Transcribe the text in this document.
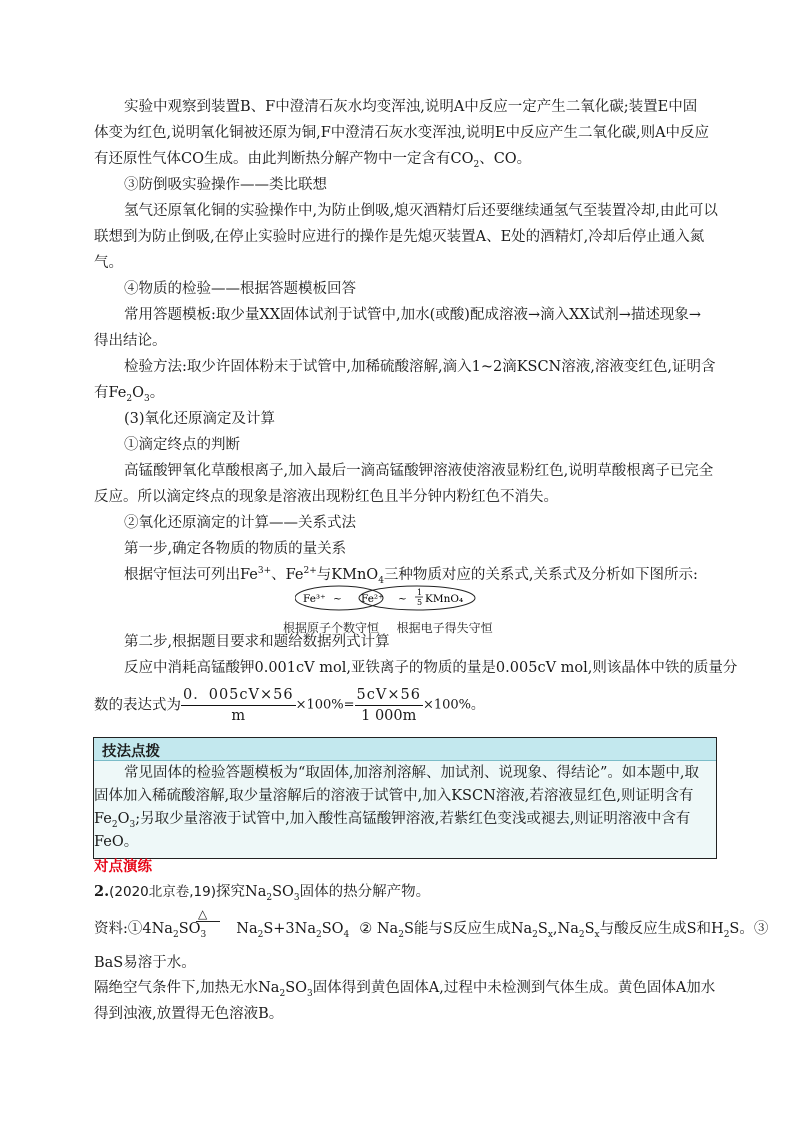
实验中观察到装置B、F中澄清石灰水均变浑浊,说明A中反应一定产生二氧化碳;装置E中固
体变为红色,说明氧化铜被还原为铜,F中澄清石灰水变浑浊,说明E中反应产生二氧化碳,则A中反应
有还原性气体CO生成。由此判断热分解产物中一定含有$CO_2$、CO。
③防倒吸实验操作——类比联想
氢气还原氧化铜的实验操作中,为防止倒吸,熄灭酒精灯后还要继续通氢气至装置冷却,由此可以
联想到为防止倒吸,在停止实验时应进行的操作是先熄灭装置A、E处的酒精灯,冷却后停止通入氮
气。
④物质的检验——根据答题模板回答
常用答题模板:取少量XX固体试剂于试管中,加水(或酸)配成溶液→滴入XX试剂→描述现象→
得出结论。
检验方法:取少许固体粉末于试管中,加稀硫酸溶解,滴入1~2滴KSCN溶液,溶液变红色,证明含
有$Fe_2O_3$。
(3)氧化还原滴定及计算
①滴定终点的判断
高锰酸钾氧化草酸根离子,加入最后一滴高锰酸钾溶液使溶液显粉红色,说明草酸根离子已完全
反应。所以滴定终点的现象是溶液出现粉红色且半分钟内粉红色不消失。
②氧化还原滴定的计算——关系式法
第一步,确定各物质的物质的量关系
根据守恒法可列出$Fe^{3+}$、$Fe^{2+}$与KMnO$_4$三种物质对应的关系式,关系式及分析如下图所示:
Fe³⁺ ~ Fe²⁺ ~
1
5 KMnO₄
根据原子个数守恒 根据电子得失守恒
第二步,根据题目要求和题给数据列式计算
反应中消耗高锰酸钾0.001cV mol,亚铁离子的物质的量是0.005cV mol,则该晶体中铁的质量分
数的表达式为 $\frac{0.005cV\times 56}{m} \times 100\%= \frac{5cV\times 56}{1 000m} \times 100\%$。
技法点拨
常见固体的检验答题模板为“取固体,加溶剂溶解、加试剂、说现象、得结论”。如本题中,取
固体加入稀硫酸溶解,取少量溶解后的溶液于试管中,加入KSCN溶液,若溶液显红色,则证明含有
$Fe_2O_3$;另取少量溶液于试管中,加入酸性高锰酸钾溶液,若紫红色变浅或褪去,则证明溶液中含有
FeO。
对点演练
2.(2020北京卷,19)探究$Na_2SO_3$固体的热分解产物。
△
资料$:①4Na_2SO_3$ $Na_2S+3Na_2SO_4$ ② $Na_2S$能与S反应生成$Na_2S_x,Na_2S_x$与酸反应生成S和$H_2S$。③
BaS易溶于水。
隔绝空气条件下,加热无水$Na_2SO_3$固体得到黄色固体A,过程中未检测到气体生成。黄色固体A加水
得到浊液,放置得无色溶液B。
